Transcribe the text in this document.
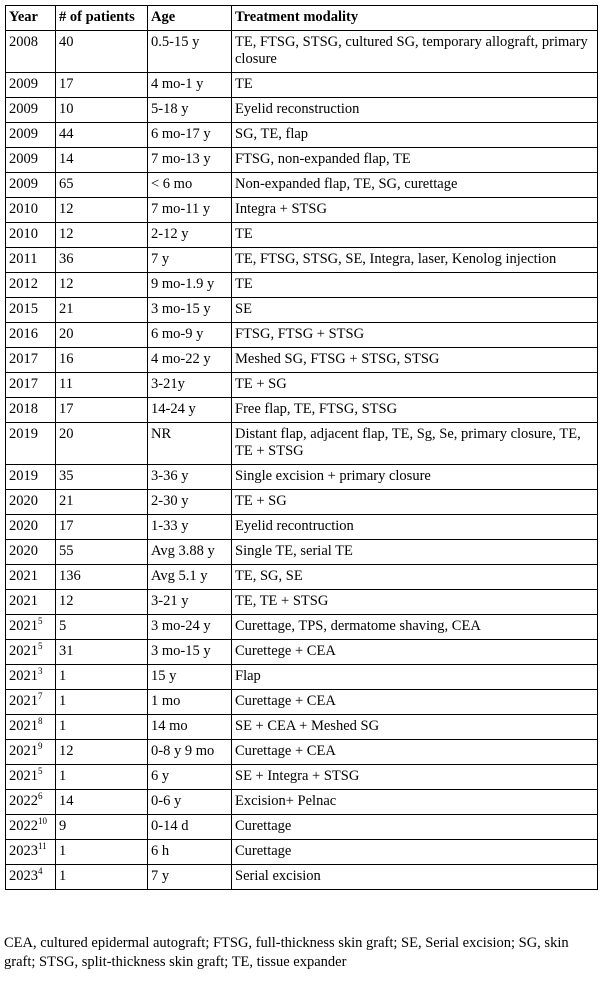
Year	# of patients	Age	Treatment modality
2008	40	0.5-15 y	TE, FTSG, STSG, cultured SG, temporary allograft, primary closure
2009	17	4 mo-1 y	TE
2009	10	5-18 y	Eyelid reconstruction
2009	44	6 mo-17 y	SG, TE, flap
2009	14	7 mo-13 y	FTSG, non-expanded flap, TE
2009	65	< 6 mo	Non-expanded flap, TE, SG, curettage
2010	12	7 mo-11 y	Integra + STSG
2010	12	2-12 y	TE
2011	36	7 y	TE, FTSG, STSG, SE, Integra, laser, Kenolog injection
2012	12	9 mo-1.9 y	TE
2015	21	3 mo-15 y	SE
2016	20	6 mo-9 y	FTSG, FTSG + STSG
2017	16	4 mo-22 y	Meshed SG, FTSG + STSG, STSG
2017	11	3-21y	TE + SG
2018	17	14-24 y	Free flap, TE, FTSG, STSG
2019	20	NR	Distant flap, adjacent flap, TE, Sg, Se, primary closure, TE, TE + STSG
2019	35	3-36 y	Single excision + primary closure
2020	21	2-30 y	TE + SG
2020	17	1-33 y	Eyelid recontruction
2020	55	Avg 3.88 y	Single TE, serial TE
2021	136	Avg 5.1 y	TE, SG, SE
2021	12	3-21 y	TE, TE + STSG
2021$^5$	5	3 mo-24 y	Curettage, TPS, dermatome shaving, CEA
2021$^5$	31	3 mo-15 y	Curettege + CEA
2021$^3$	1	15 y	Flap
2021$^7$	1	1 mo	Curettage + CEA
2021$^8$	1	14 mo	SE + CEA + Meshed SG
2021$^9$	12	0-8 y 9 mo	Curettage + CEA
2021$^5$	1	6 y	SE + Integra + STSG
2022$^6$	14	0-6 y	Excision+ Pelnac
2022$^{10}$	9	0-14 d	Curettage
2023$^{11}$	1	6 h	Curettage
2023$^4$	1	7 y	Serial excision
CEA, cultured epidermal autograft; FTSG, full-thickness skin graft; SE, Serial excision; SG, skin graft; STSG, split-thickness skin graft; TE, tissue expander
